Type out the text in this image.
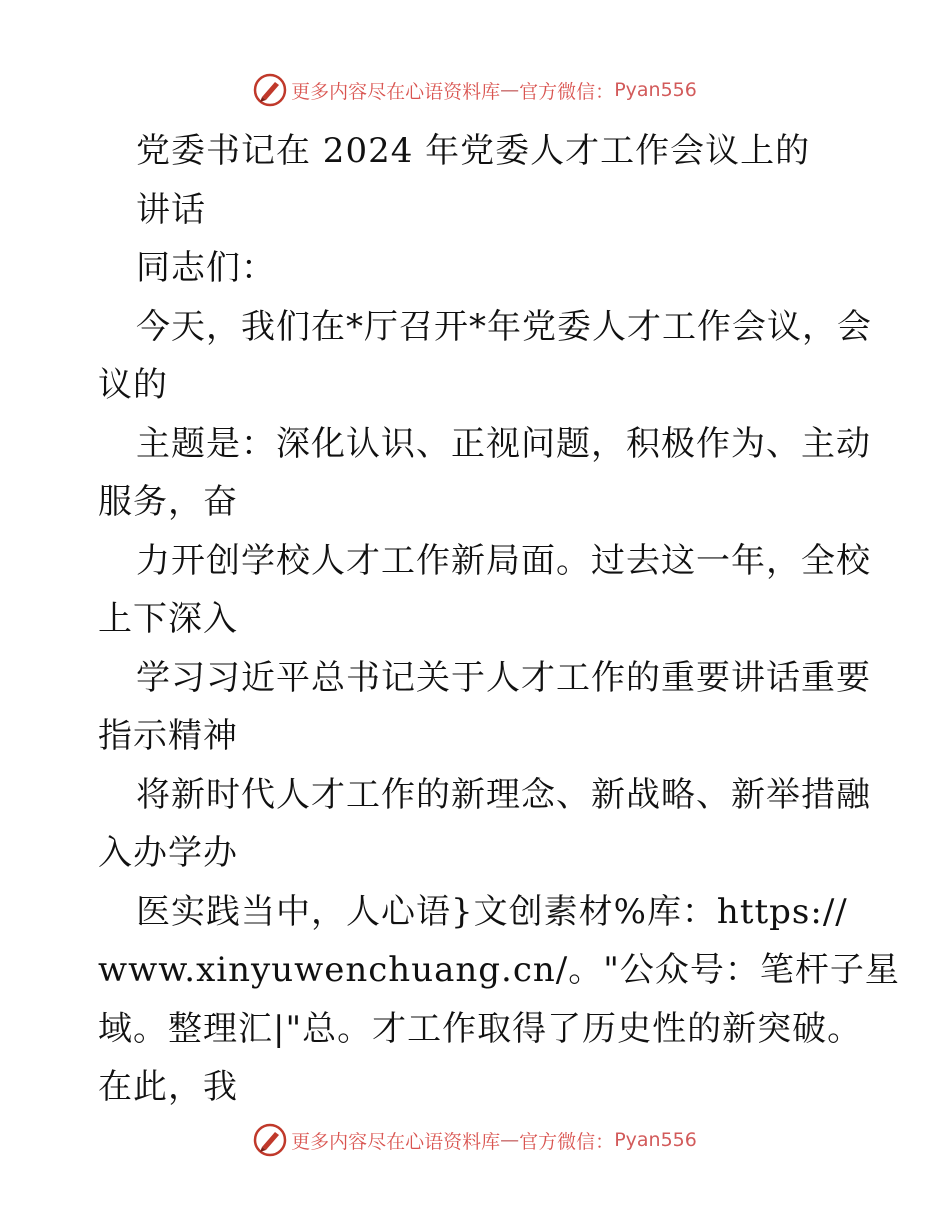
更多内容尽在心语资料库 — 官方微信： Pyan556

党委书记在 2024 年党委人才工作会议上的

讲话

同志们：

今天，我们在*厅召开*年党委人才工作会议，会

议的

主题是：深化认识、正视问题，积极作为、主动

服务，奋

力开创学校人才工作新局面。过去这一年，全校

上下深入

学习习近平总书记关于人才工作的重要讲话重要

指示精神

将新时代人才工作的新理念、新战略、新举措融

入办学办

医实践当中，人心语}文创素材%库：https://

www.xinyuwenchuang.cn/。"公众号：笔杆子星

域。整理汇|"总。才工作取得了历史性的新突破。

在此，我

更多内容尽在心语资料库 — 官方微信： Pyan556
